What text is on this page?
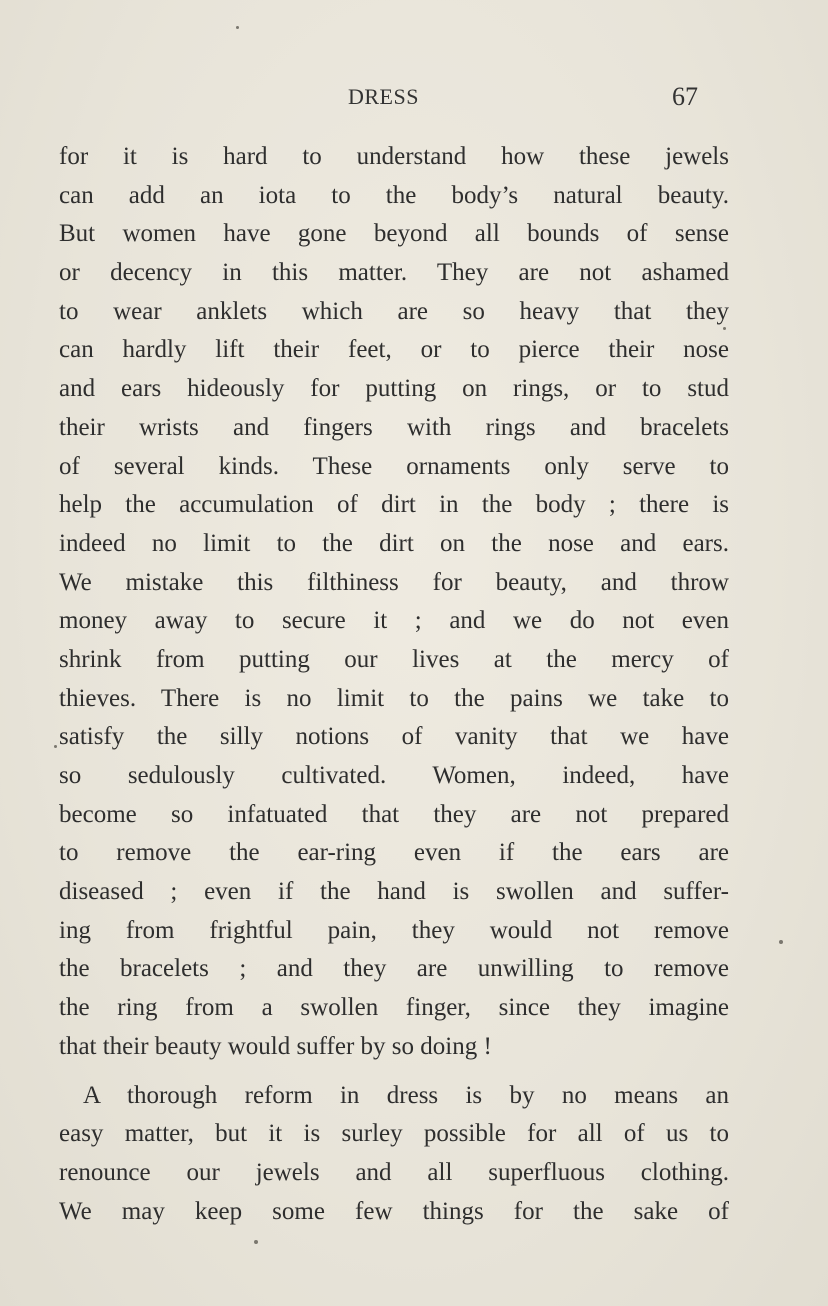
DRESS	67
for it is hard to understand how these jewels
can add an iota to the body’s natural beauty.
But women have gone beyond all bounds of sense
or decency in this matter. They are not ashamed
to wear anklets which are so heavy that they
can hardly lift their feet, or to pierce their nose
and ears hideously for putting on rings, or to stud
their wrists and fingers with rings and bracelets
of several kinds. These ornaments only serve to
help the accumulation of dirt in the body ; there is
indeed no limit to the dirt on the nose and ears.
We mistake this filthiness for beauty, and throw
money away to secure it ; and we do not even
shrink from putting our lives at the mercy of
thieves. There is no limit to the pains we take to
satisfy the silly notions of vanity that we have
so sedulously cultivated. Women, indeed, have
become so infatuated that they are not prepared
to remove the ear-ring even if the ears are
diseased ; even if the hand is swollen and suffer-
ing from frightful pain, they would not remove
the bracelets ; and they are unwilling to remove
the ring from a swollen finger, since they imagine
that their beauty would suffer by so doing !
A thorough reform in dress is by no means an
easy matter, but it is surley possible for all of us to
renounce our jewels and all superfluous clothing.
We may keep some few things for the sake of
